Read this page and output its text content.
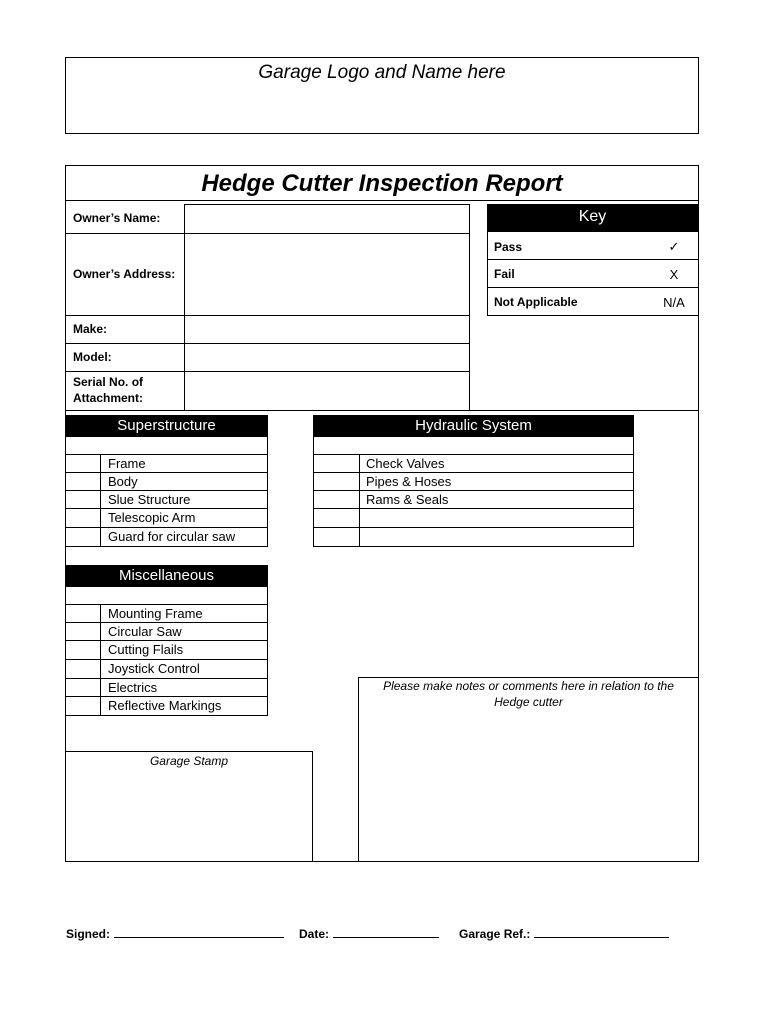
Garage Logo and Name here
Hedge Cutter Inspection Report
Owner’s Name:
Owner’s Address:
Make:
Model:
Serial No. of
Attachment:
Key
Pass	✓
Fail	X
Not Applicable	N/A
Superstructure
Frame
Body
Slue Structure
Telescopic Arm
Guard for circular saw
Hydraulic System
Check Valves
Pipes & Hoses
Rams & Seals
Miscellaneous
Mounting Frame
Circular Saw
Cutting Flails
Joystick Control
Electrics
Reflective Markings
Please make notes or comments here in relation to the
Hedge cutter
Garage Stamp
Signed:	Date:	Garage Ref.:
